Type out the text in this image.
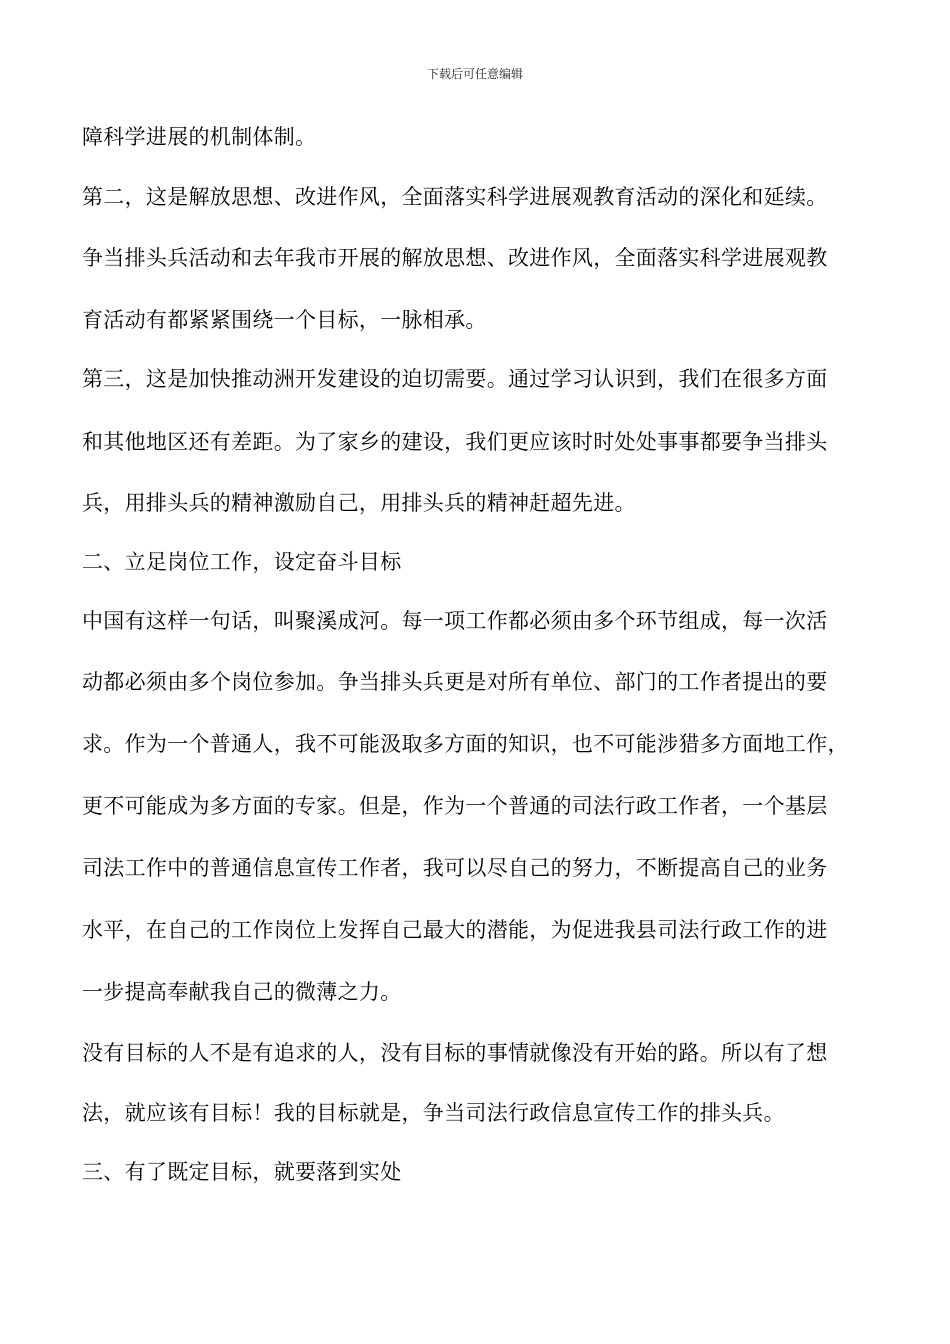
下载后可任意编辑
障科学进展的机制体制。
第二，这是解放思想、改进作风，全面落实科学进展观教育活动的深化和延续。
争当排头兵活动和去年我市开展的解放思想、改进作风，全面落实科学进展观教
育活动有都紧紧围绕一个目标，一脉相承。
第三，这是加快推动洲开发建设的迫切需要。通过学习认识到，我们在很多方面
和其他地区还有差距。为了家乡的建设，我们更应该时时处处事事都要争当排头
兵，用排头兵的精神激励自己，用排头兵的精神赶超先进。
二、立足岗位工作，设定奋斗目标
中国有这样一句话，叫聚溪成河。每一项工作都必须由多个环节组成，每一次活
动都必须由多个岗位参加。争当排头兵更是对所有单位、部门的工作者提出的要
求。作为一个普通人，我不可能汲取多方面的知识，也不可能涉猎多方面地工作，
更不可能成为多方面的专家。但是，作为一个普通的司法行政工作者，一个基层
司法工作中的普通信息宣传工作者，我可以尽自己的努力，不断提高自己的业务
水平，在自己的工作岗位上发挥自己最大的潜能，为促进我县司法行政工作的进
一步提高奉献我自己的微薄之力。
没有目标的人不是有追求的人，没有目标的事情就像没有开始的路。所以有了想
法，就应该有目标！我的目标就是，争当司法行政信息宣传工作的排头兵。
三、有了既定目标，就要落到实处
